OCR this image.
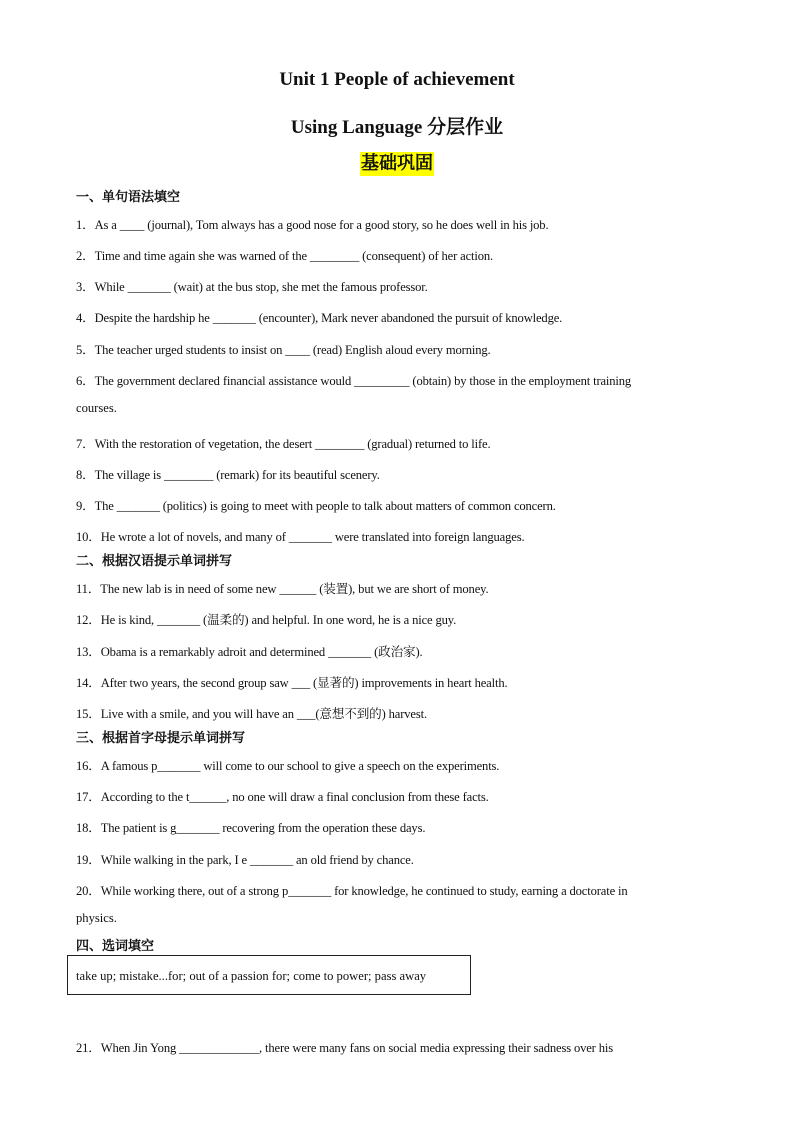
Unit 1 People of achievement
Using Language 分层作业
基础巩固
一、单句语法填空
1．As a ____ (journal), Tom always has a good nose for a good story, so he does well in his job.
2．Time and time again she was warned of the ________ (consequent) of her action.
3．While _______ (wait) at the bus stop, she met the famous professor.
4．Despite the hardship he _______ (encounter), Mark never abandoned the pursuit of knowledge.
5．The teacher urged students to insist on ____ (read) English aloud every morning.
6．The government declared financial assistance would _________ (obtain) by those in the employment training
courses.
7．With the restoration of vegetation, the desert ________ (gradual) returned to life.
8．The village is ________ (remark) for its beautiful scenery.
9．The _______ (politics) is going to meet with people to talk about matters of common concern.
10．He wrote a lot of novels, and many of _______ were translated into foreign languages.
二、根据汉语提示单词拼写
11．The new lab is in need of some new ______ (装置), but we are short of money.
12．He is kind, _______ (温柔的) and helpful. In one word, he is a nice guy.
13．Obama is a remarkably adroit and determined _______ (政治家).
14．After two years, the second group saw ___ (显著的) improvements in heart health.
15．Live with a smile, and you will have an ___(意想不到的) harvest.
三、根据首字母提示单词拼写
16．A famous p_______ will come to our school to give a speech on the experiments.
17．According to the t______, no one will draw a final conclusion from these facts.
18．The patient is g_______ recovering from the operation these days.
19．While walking in the park, I e _______ an old friend by chance.
20．While working there, out of a strong p_______ for knowledge, he continued to study, earning a doctorate in
physics.
四、选词填空
take up; mistake...for; out of a passion for; come to power; pass away
21．When Jin Yong _____________, there were many fans on social media expressing their sadness over his
